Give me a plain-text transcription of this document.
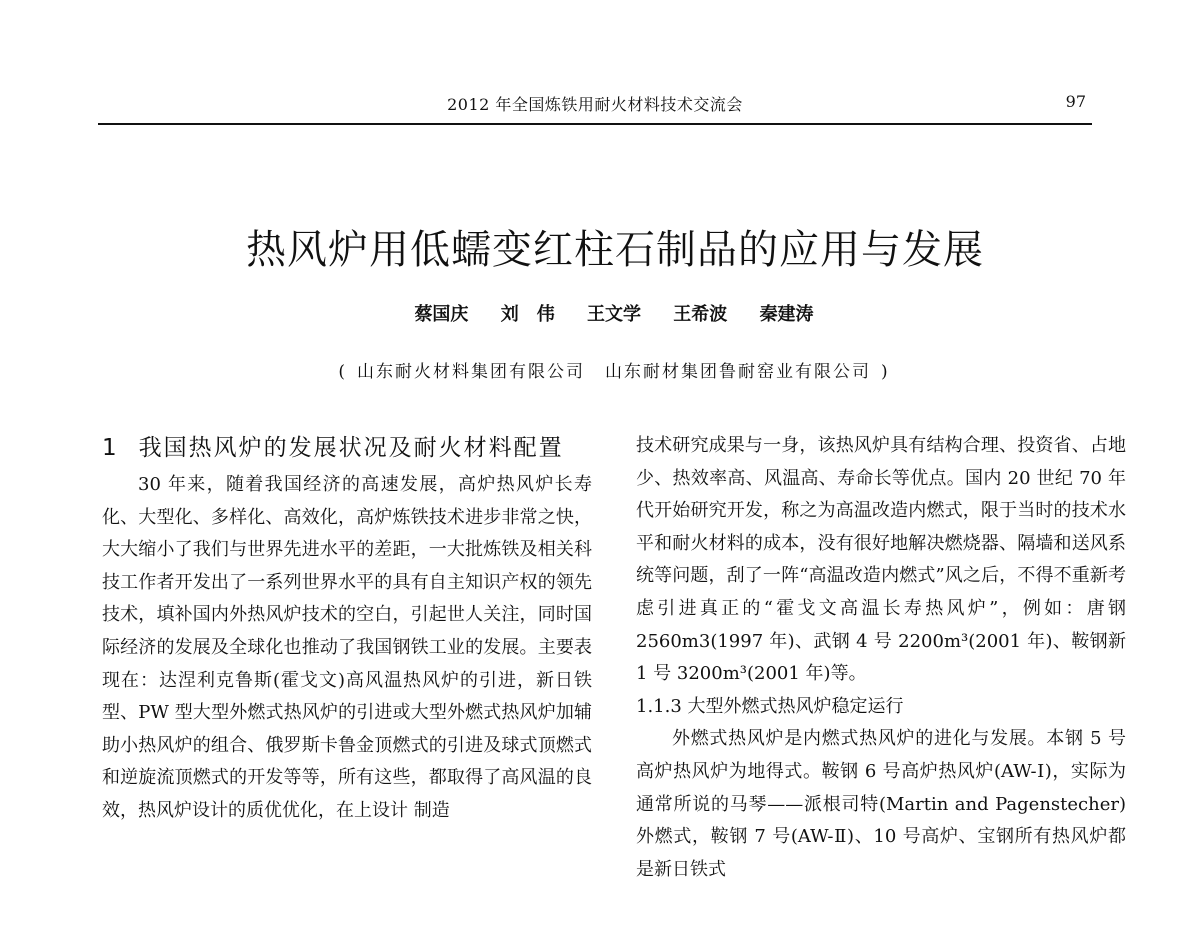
2012 年全国炼铁用耐火材料技术交流会	97
热风炉用低蠕变红柱石制品的应用与发展
蔡国庆 刘　伟 王文学 王希波 秦建涛
( 山东耐火材料集团有限公司 山东耐材集团鲁耐窑业有限公司 )
1 我国热风炉的发展状况及耐火材料配置

30 年来，随着我国经济的高速发展，高炉热风炉长寿化、大型化、多样化、高效化，高炉炼铁技术进步非常之快，大大缩小了我们与世界先进水平的差距，一大批炼铁及相关科技工作者开发出了一系列世界水平的具有自主知识产权的领先技术，填补国内外热风炉技术的空白，引起世人关注，同时国际经济的发展及全球化也推动了我国钢铁工业的发展。主要表现在：达涅利克鲁斯(霍戈文)高风温热风炉的引进，新日铁型、PW 型大型外燃式热风炉的引进或大型外燃式热风炉加辅助小热风炉的组合、俄罗斯卡鲁金顶燃式的引进及球式顶燃式和逆旋流顶燃式的开发等等，所有这些，都取得了高风温的良效，热风炉设计的质优优化，在上设计 制造

技术研究成果与一身，该热风炉具有结构合理、投资省、占地少、热效率高、风温高、寿命长等优点。国内 20 世纪 70 年代开始研究开发，称之为高温改造内燃式，限于当时的技术水平和耐火材料的成本，没有很好地解决燃烧器、隔墙和送风系统等问题，刮了一阵“高温改造内燃式”风之后，不得不重新考虑引进真正的“霍戈文高温长寿热风炉”，例如：唐钢 2560m3(1997 年)、武钢 4 号 2200m³(2001 年)、鞍钢新 1 号 3200m³(2001 年)等。

1.1.3 大型外燃式热风炉稳定运行

外燃式热风炉是内燃式热风炉的进化与发展。本钢 5 号高炉热风炉为地得式。鞍钢 6 号高炉热风炉(AW-Ⅰ)，实际为通常所说的马琴——派根司特(Martin and Pagenstecher)外燃式，鞍钢 7 号(AW-Ⅱ)、10 号高炉、宝钢所有热风炉都是新日铁式
